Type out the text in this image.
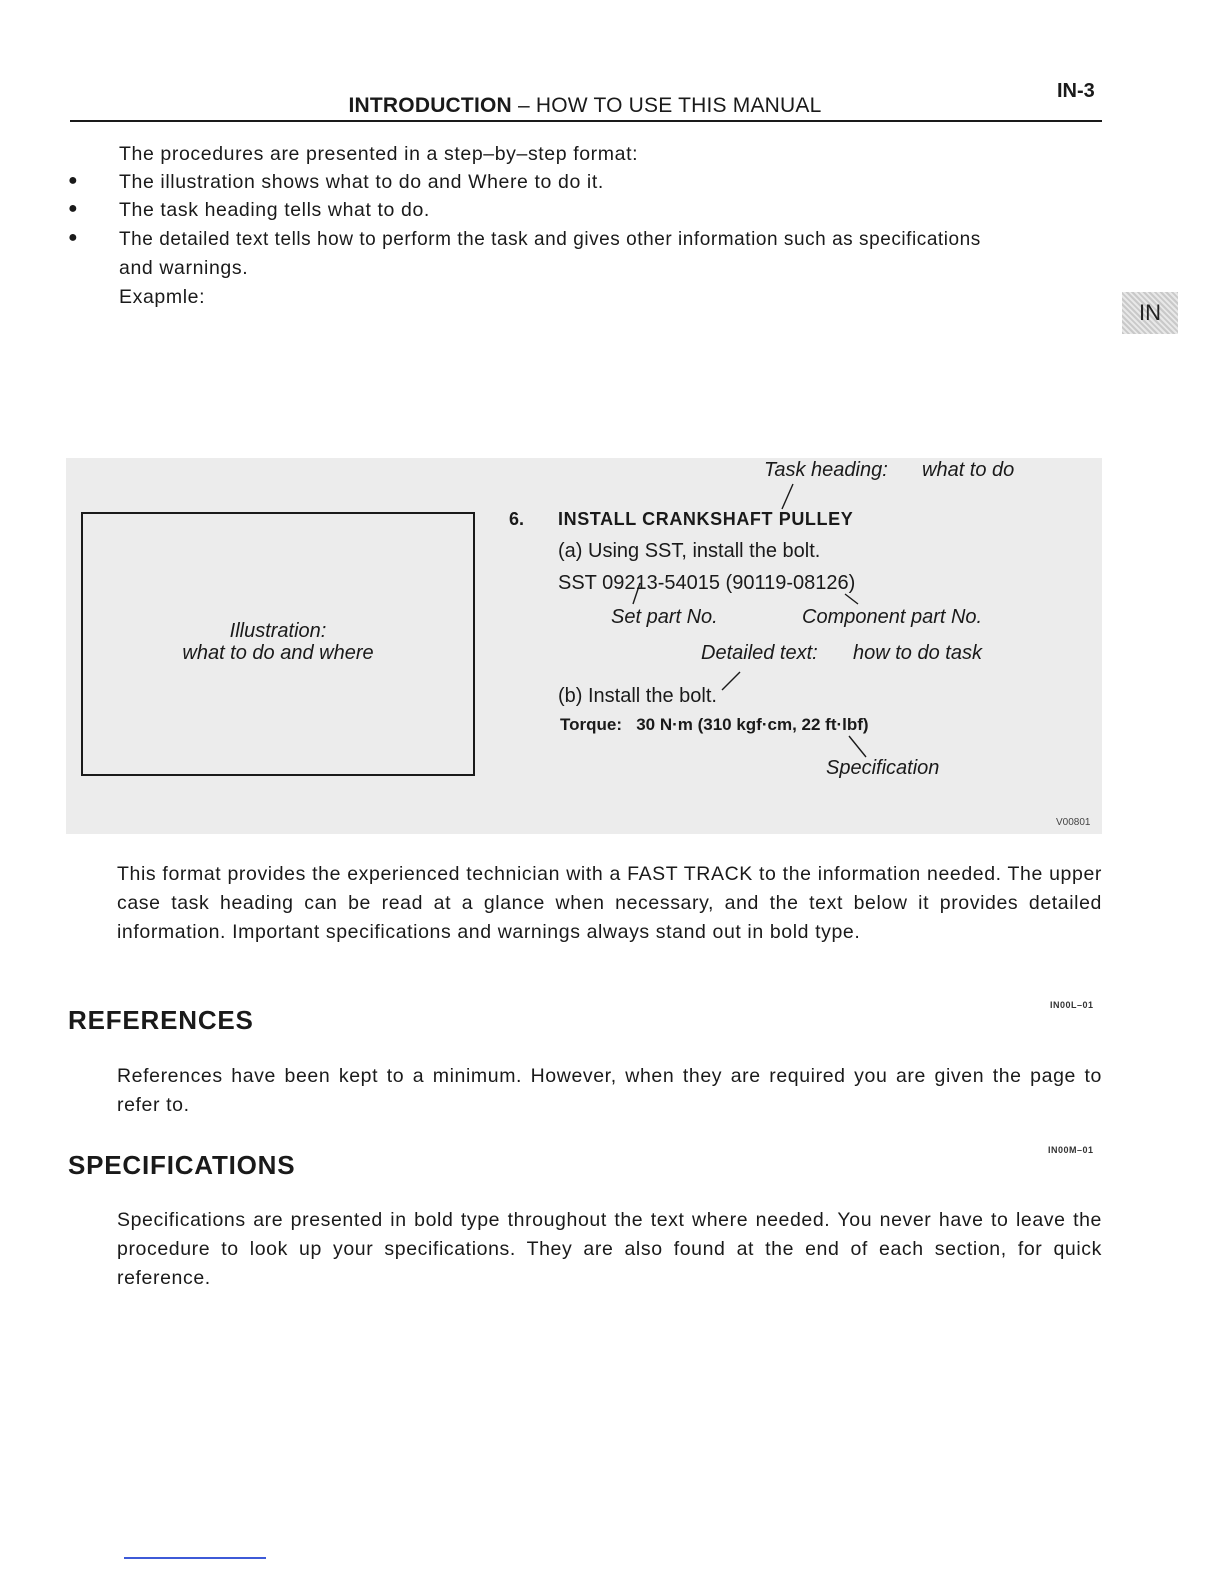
INTRODUCTION – HOW TO USE THIS MANUAL
IN-3
IN
The procedures are presented in a step–by–step format:
● The illustration shows what to do and Where to do it.
● The task heading tells what to do.
● The detailed text tells how to perform the task and gives other information such as specifications
and warnings.
Exapmle:

Illustration:
what to do and where
Task heading: what to do
6. INSTALL CRANKSHAFT PULLEY
(a) Using SST, install the bolt.
SST 09213-54015 (90119-08126)
Set part No.	Component part No.
Detailed text: how to do task
(b) Install the bolt.
Torque: 30 N·m (310 kgf·cm, 22 ft·lbf)
Specification
V00801
This format provides the experienced technician with a FAST TRACK to the information needed. The upper case task heading can be read at a glance when necessary, and the text below it provides detailed information. Important specifications and warnings always stand out in bold type.
IN00L–01
REFERENCES
References have been kept to a minimum. However, when they are required you are given the page to refer to.
IN00M–01
SPECIFICATIONS
Specifications are presented in bold type throughout the text where needed. You never have to leave the procedure to look up your specifications. They are also found at the end of each section, for quick reference.
